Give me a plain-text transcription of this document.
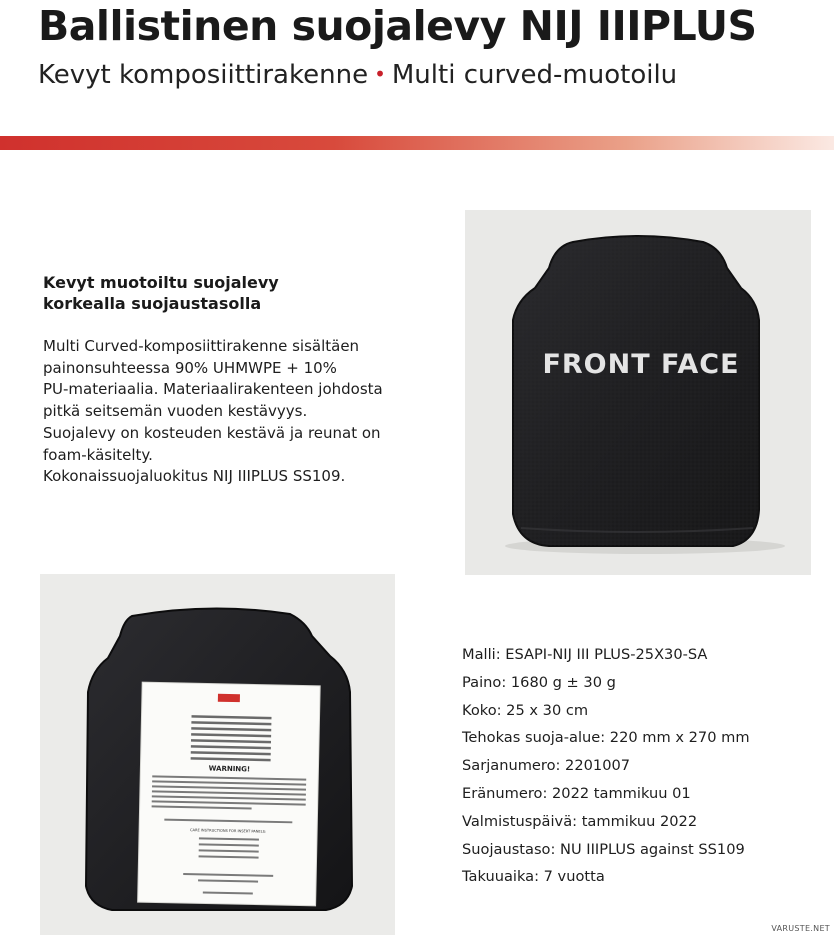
Ballistinen suojalevy NIJ IIIPLUS
Kevyt komposiittirakenne • Multi curved-muotoilu
Kevyt muotoiltu suojalevy
korkealla suojaustasolla
Multi Curved-komposiittirakenne sisältäen
painonsuhteessa 90% UHMWPE + 10%
PU-materiaalia. Materiaalirakenteen johdosta
pitkä seitsemän vuoden kestävyys.
Suojalevy on kosteuden kestävä ja reunat on
foam-käsitelty.
Kokonaissuojaluokitus NIJ IIIPLUS SS109.
FRONT FACE
WARNING!
CARE INSTRUCTIONS FOR INSERT PANELS:
Malli: ESAPI-NIJ III PLUS-25X30-SA
Paino: 1680 g ± 30 g
Koko: 25 x 30 cm
Tehokas suoja-alue: 220 mm x 270 mm
Sarjanumero: 2201007
Eränumero: 2022 tammikuu 01
Valmistuspäivä: tammikuu 2022
Suojaustaso: NU IIIPLUS against SS109
Takuuaika: 7 vuotta
VARUSTE.NET
